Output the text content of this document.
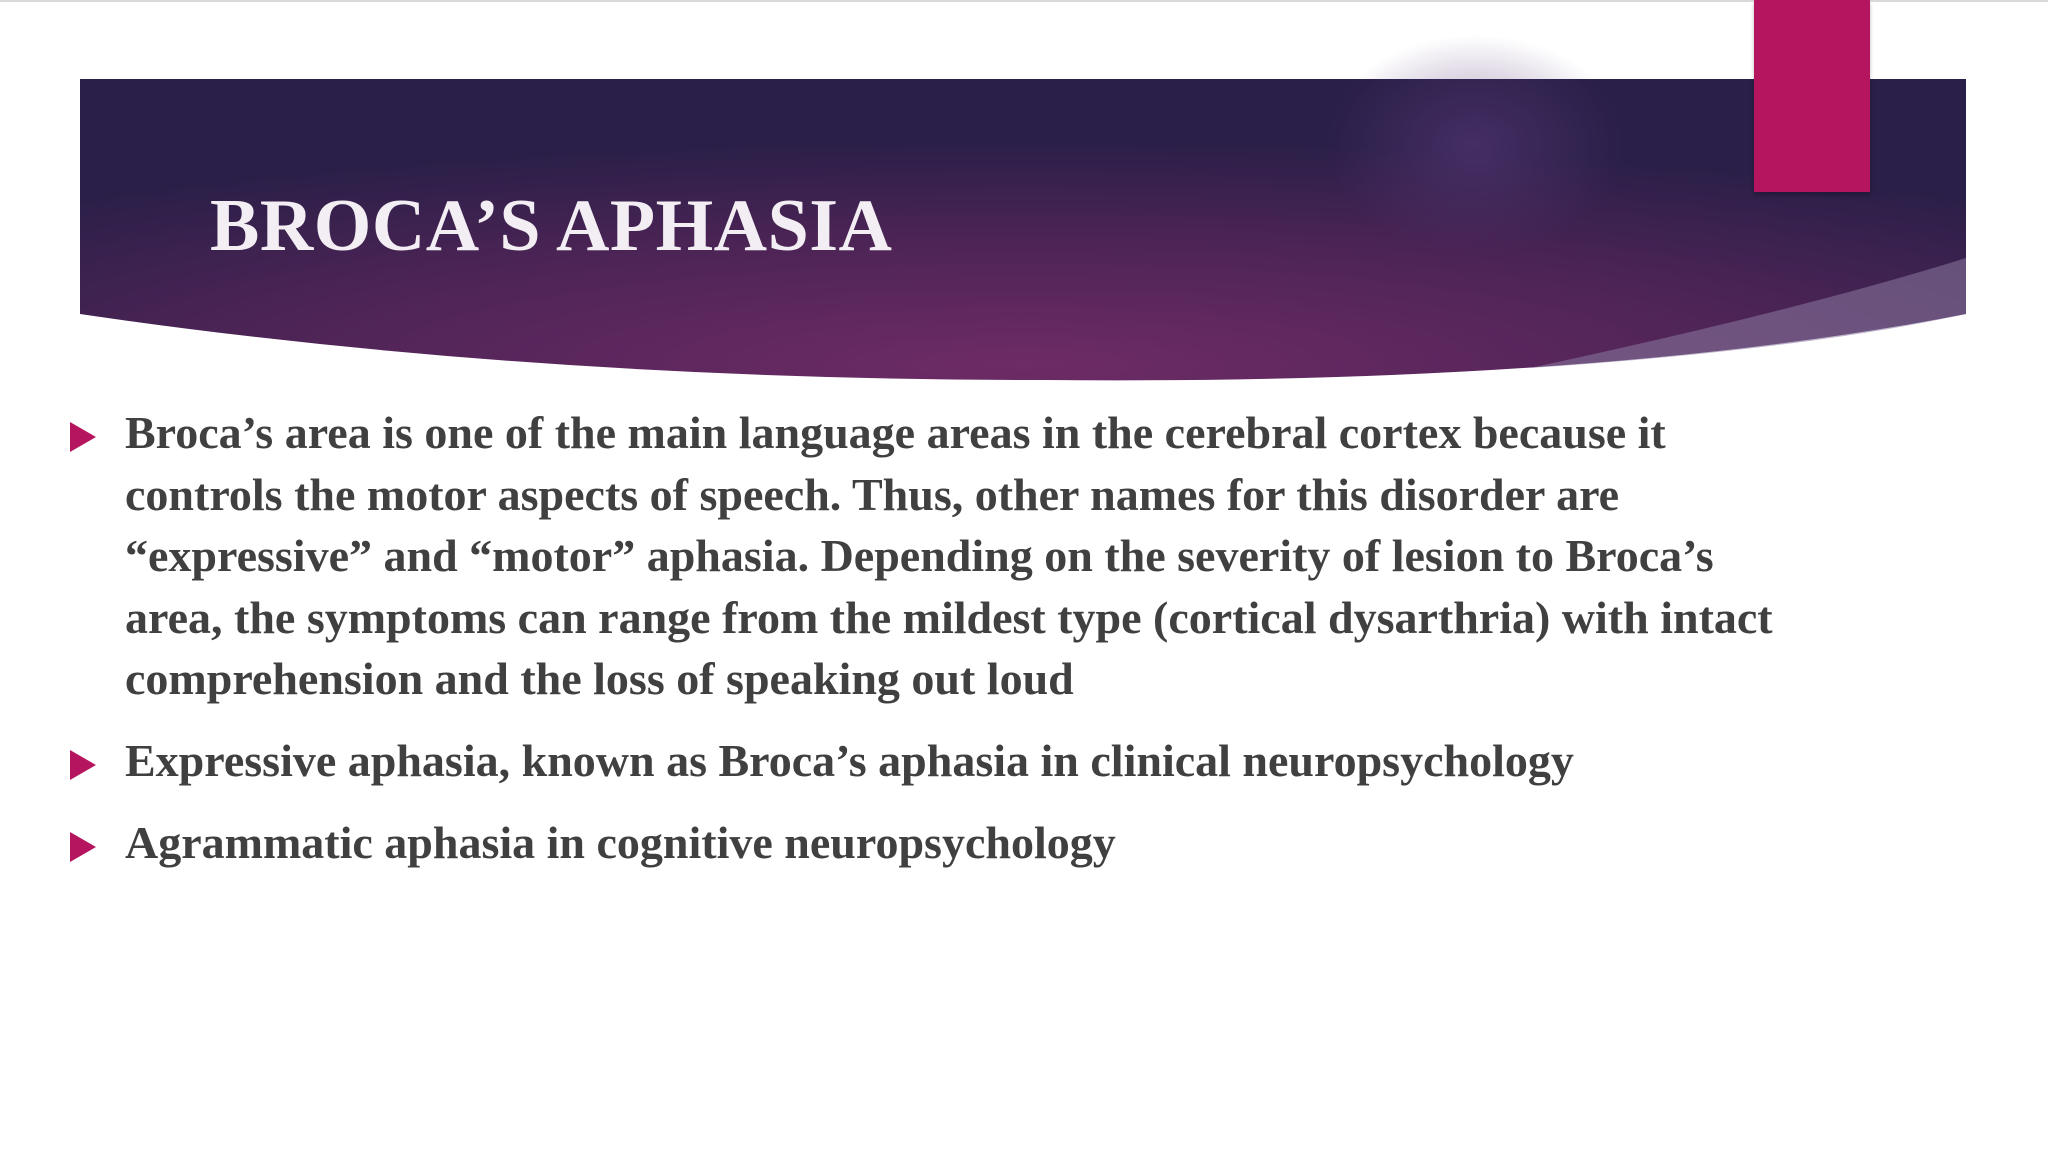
BROCA’S APHASIA

Broca’s area is one of the main language areas in the cerebral cortex because it
controls the motor aspects of speech. Thus, other names for this disorder are
“expressive” and “motor” aphasia. Depending on the severity of lesion to Broca’s
area, the symptoms can range from the mildest type (cortical dysarthria) with intact
comprehension and the loss of speaking out loud

Expressive aphasia, known as Broca’s aphasia in clinical neuropsychology

Agrammatic aphasia in cognitive neuropsychology
